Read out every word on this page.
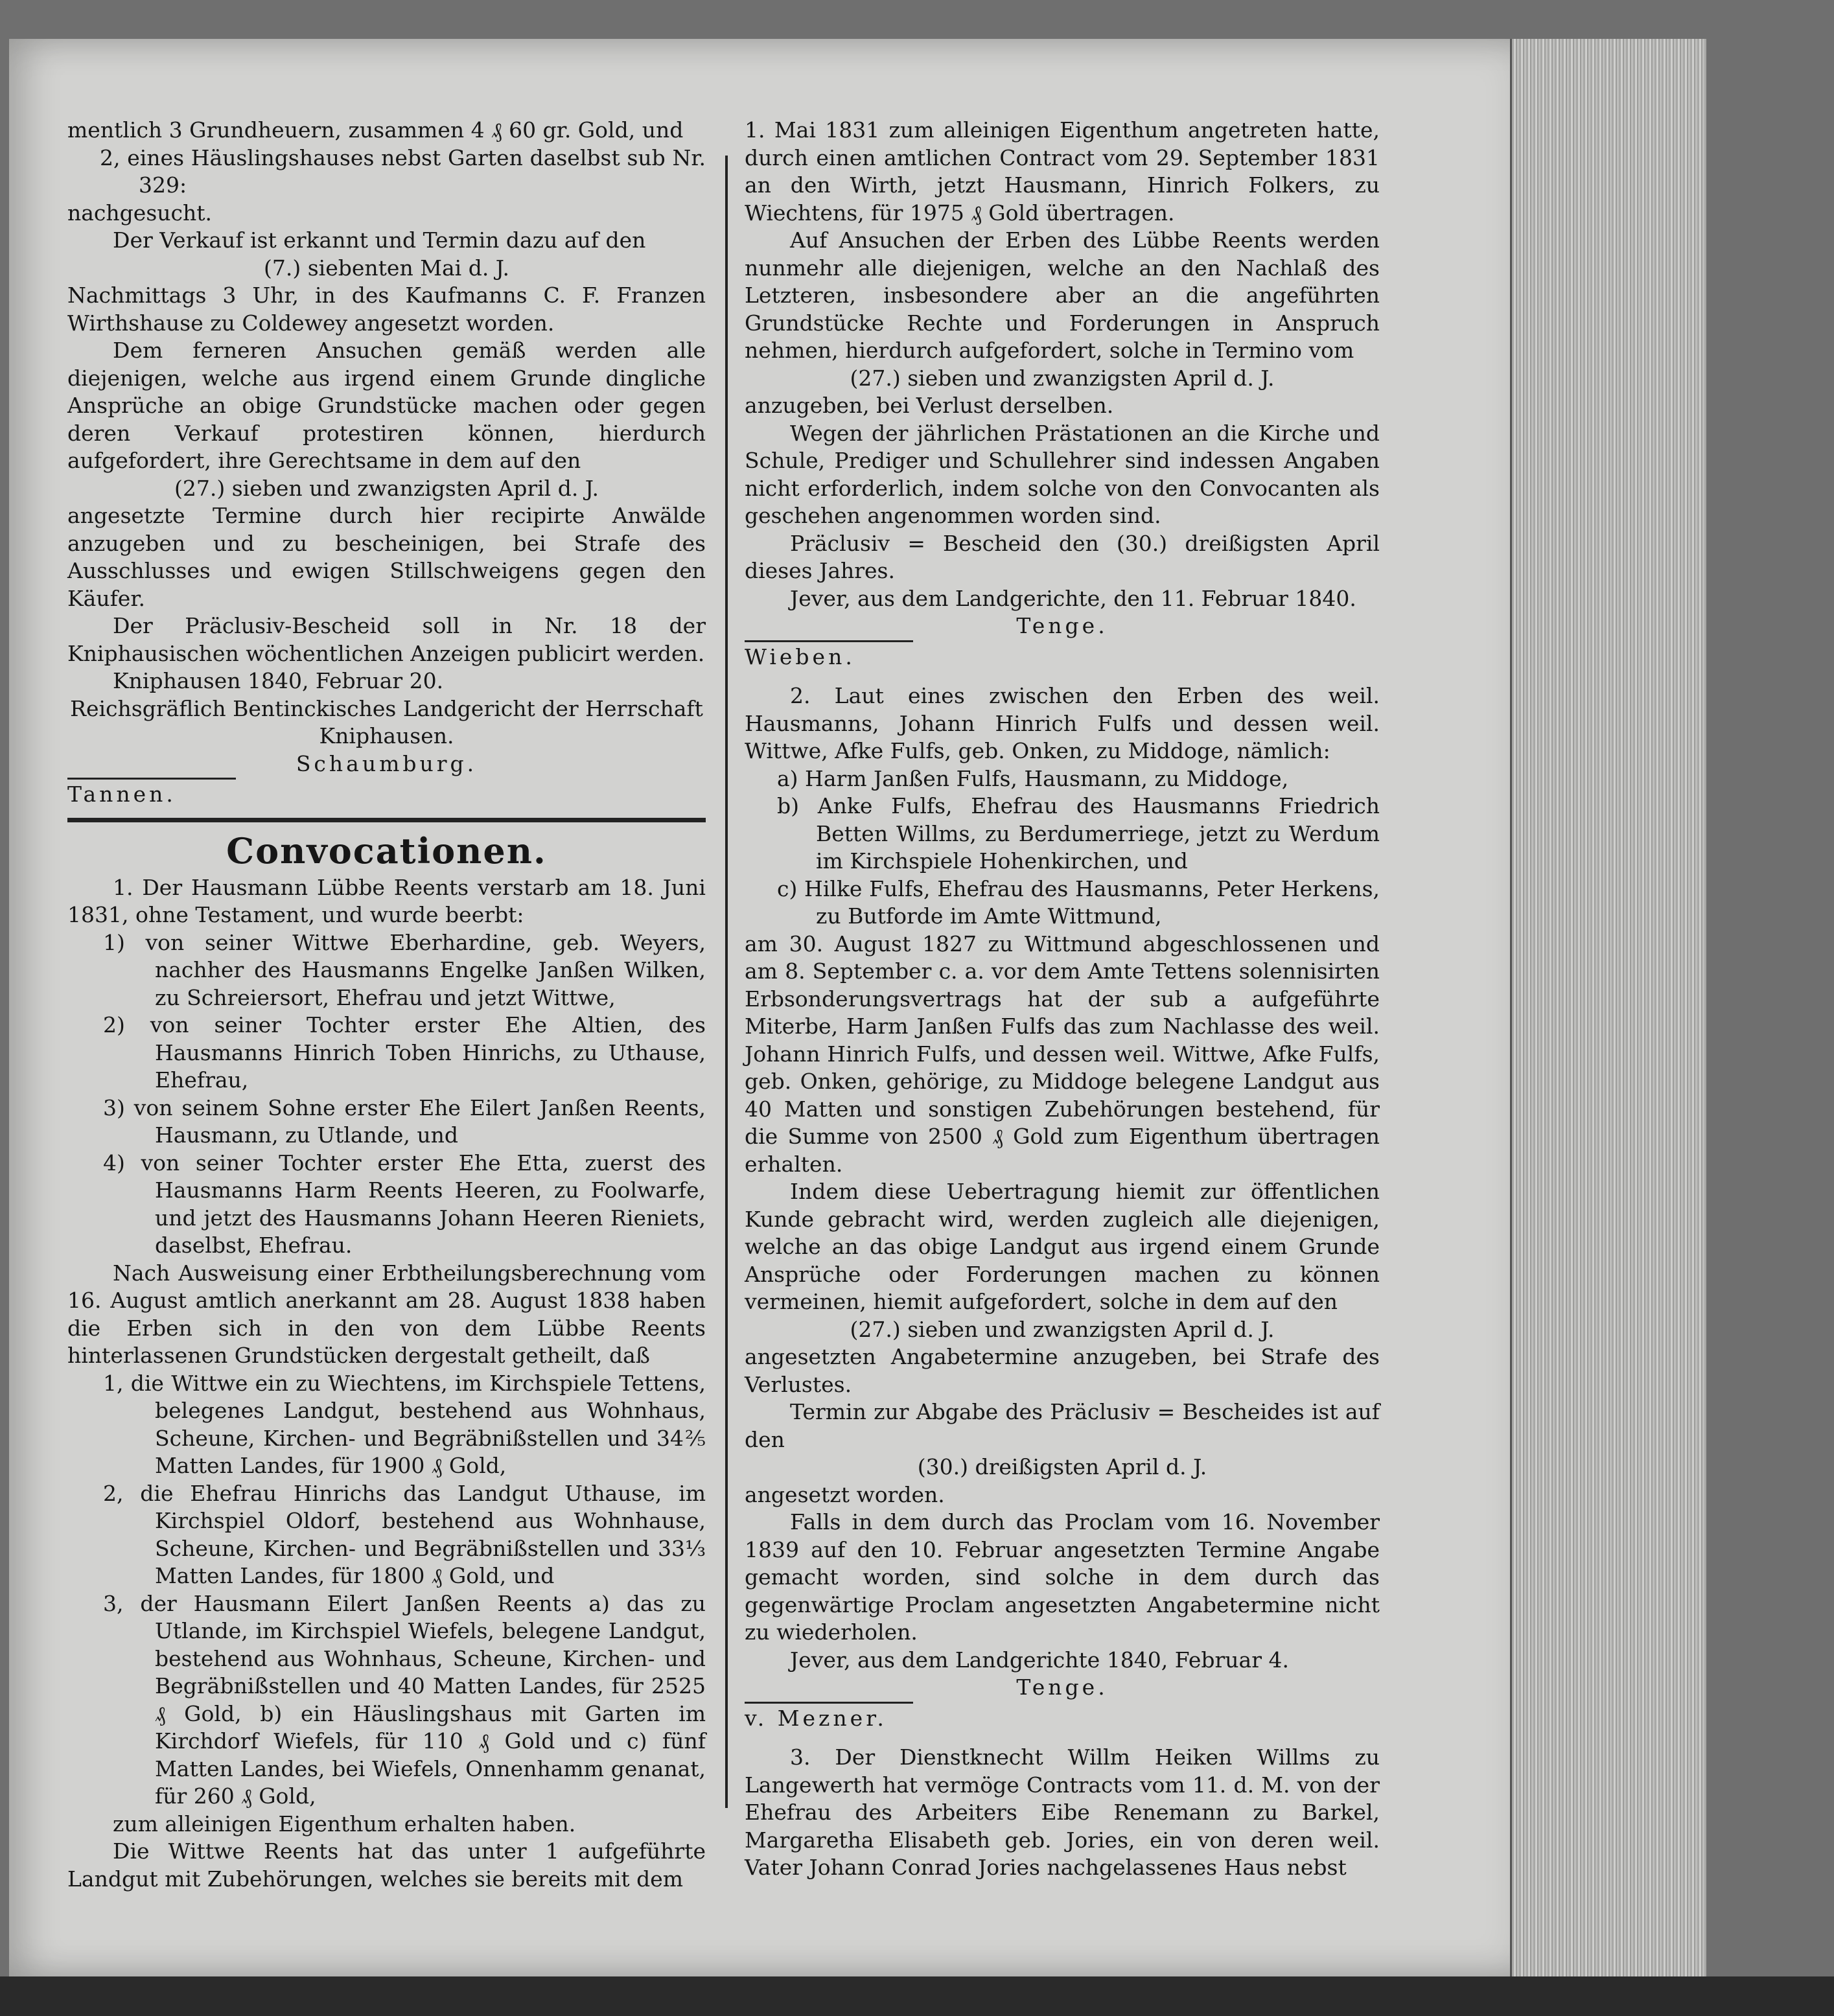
mentlich 3 Grundheuern, zusammen 4 ₰ 60 gr. Gold, und

2, eines Häuslingshauses nebst Garten daselbst sub Nr. 329:

nachgesucht.

Der Verkauf ist erkannt und Termin dazu auf den

(7.) siebenten Mai d. J.

Nachmittags 3 Uhr, in des Kaufmanns C. F. Franzen Wirthshause zu Coldewey angesetzt worden.

Dem ferneren Ansuchen gemäß werden alle diejenigen, welche aus irgend einem Grunde dingliche Ansprüche an obige Grundstücke machen oder gegen deren Verkauf protestiren können, hierdurch aufgefordert, ihre Gerechtsame in dem auf den

(27.) sieben und zwanzigsten April d. J.

angesetzte Termine durch hier recipirte Anwälde anzugeben und zu bescheinigen, bei Strafe des Ausschlusses und ewigen Stillschweigens gegen den Käufer.

Der Präclusiv-Bescheid soll in Nr. 18 der Kniphausischen wöchentlichen Anzeigen publicirt werden.

Kniphausen 1840, Februar 20.

Reichsgräflich Bentinckisches Landgericht der Herrschaft Kniphausen.

Schaumburg.

Tannen.

Convocationen.

1. Der Hausmann Lübbe Reents verstarb am 18. Juni 1831, ohne Testament, und wurde beerbt:

1) von seiner Wittwe Eberhardine, geb. Weyers, nachher des Hausmanns Engelke Janßen Wilken, zu Schreiersort, Ehefrau und jetzt Wittwe,

2) von seiner Tochter erster Ehe Altien, des Hausmanns Hinrich Toben Hinrichs, zu Uthause, Ehefrau,

3) von seinem Sohne erster Ehe Eilert Janßen Reents, Hausmann, zu Utlande, und

4) von seiner Tochter erster Ehe Etta, zuerst des Hausmanns Harm Reents Heeren, zu Foolwarfe, und jetzt des Hausmanns Johann Heeren Rieniets, daselbst, Ehefrau.

Nach Ausweisung einer Erbtheilungsberechnung vom 16. August amtlich anerkannt am 28. August 1838 haben die Erben sich in den von dem Lübbe Reents hinterlassenen Grundstücken dergestalt getheilt, daß

1, die Wittwe ein zu Wiechtens, im Kirchspiele Tettens, belegenes Landgut, bestehend aus Wohnhaus, Scheune, Kirchen- und Begräbnißstellen und 34⅖ Matten Landes, für 1900 ₰ Gold,

2, die Ehefrau Hinrichs das Landgut Uthause, im Kirchspiel Oldorf, bestehend aus Wohnhause, Scheune, Kirchen- und Begräbnißstellen und 33⅓ Matten Landes, für 1800 ₰ Gold, und

3, der Hausmann Eilert Janßen Reents a) das zu Utlande, im Kirchspiel Wiefels, belegene Landgut, bestehend aus Wohnhaus, Scheune, Kirchen- und Begräbnißstellen und 40 Matten Landes, für 2525 ₰ Gold, b) ein Häuslingshaus mit Garten im Kirchdorf Wiefels, für 110 ₰ Gold und c) fünf Matten Landes, bei Wiefels, Onnenhamm genanat, für 260 ₰ Gold,

zum alleinigen Eigenthum erhalten haben.

Die Wittwe Reents hat das unter 1 aufgeführte Landgut mit Zubehörungen, welches sie bereits mit dem

1. Mai 1831 zum alleinigen Eigenthum angetreten hatte, durch einen amtlichen Contract vom 29. September 1831 an den Wirth, jetzt Hausmann, Hinrich Folkers, zu Wiechtens, für 1975 ₰ Gold übertragen.

Auf Ansuchen der Erben des Lübbe Reents werden nunmehr alle diejenigen, welche an den Nachlaß des Letzteren, insbesondere aber an die angeführten Grundstücke Rechte und Forderungen in Anspruch nehmen, hierdurch aufgefordert, solche in Termino vom

(27.) sieben und zwanzigsten April d. J.

anzugeben, bei Verlust derselben.

Wegen der jährlichen Prästationen an die Kirche und Schule, Prediger und Schullehrer sind indessen Angaben nicht erforderlich, indem solche von den Convocanten als geschehen angenommen worden sind.

Präclusiv = Bescheid den (30.) dreißigsten April dieses Jahres.

Jever, aus dem Landgerichte, den 11. Februar 1840.

Tenge.

Wieben.

2. Laut eines zwischen den Erben des weil. Hausmanns, Johann Hinrich Fulfs und dessen weil. Wittwe, Afke Fulfs, geb. Onken, zu Middoge, nämlich:

a) Harm Janßen Fulfs, Hausmann, zu Middoge,

b) Anke Fulfs, Ehefrau des Hausmanns Friedrich Betten Willms, zu Berdumerriege, jetzt zu Werdum im Kirchspiele Hohenkirchen, und

c) Hilke Fulfs, Ehefrau des Hausmanns, Peter Herkens, zu Butforde im Amte Wittmund,

am 30. August 1827 zu Wittmund abgeschlossenen und am 8. September c. a. vor dem Amte Tettens solennisirten Erbsonderungsvertrags hat der sub a aufgeführte Miterbe, Harm Janßen Fulfs das zum Nachlasse des weil. Johann Hinrich Fulfs, und dessen weil. Wittwe, Afke Fulfs, geb. Onken, gehörige, zu Middoge belegene Landgut aus 40 Matten und sonstigen Zubehörungen bestehend, für die Summe von 2500 ₰ Gold zum Eigenthum übertragen erhalten.

Indem diese Uebertragung hiemit zur öffentlichen Kunde gebracht wird, werden zugleich alle diejenigen, welche an das obige Landgut aus irgend einem Grunde Ansprüche oder Forderungen machen zu können vermeinen, hiemit aufgefordert, solche in dem auf den

(27.) sieben und zwanzigsten April d. J.

angesetzten Angabetermine anzugeben, bei Strafe des Verlustes.

Termin zur Abgabe des Präclusiv = Bescheides ist auf den

(30.) dreißigsten April d. J.

angesetzt worden.

Falls in dem durch das Proclam vom 16. November 1839 auf den 10. Februar angesetzten Termine Angabe gemacht worden, sind solche in dem durch das gegenwärtige Proclam angesetzten Angabetermine nicht zu wiederholen.

Jever, aus dem Landgerichte 1840, Februar 4.

Tenge.

v. Mezner.

3. Der Dienstknecht Willm Heiken Willms zu Langewerth hat vermöge Contracts vom 11. d. M. von der Ehefrau des Arbeiters Eibe Renemann zu Barkel, Margaretha Elisabeth geb. Jories, ein von deren weil. Vater Johann Conrad Jories nachgelassenes Haus nebst
